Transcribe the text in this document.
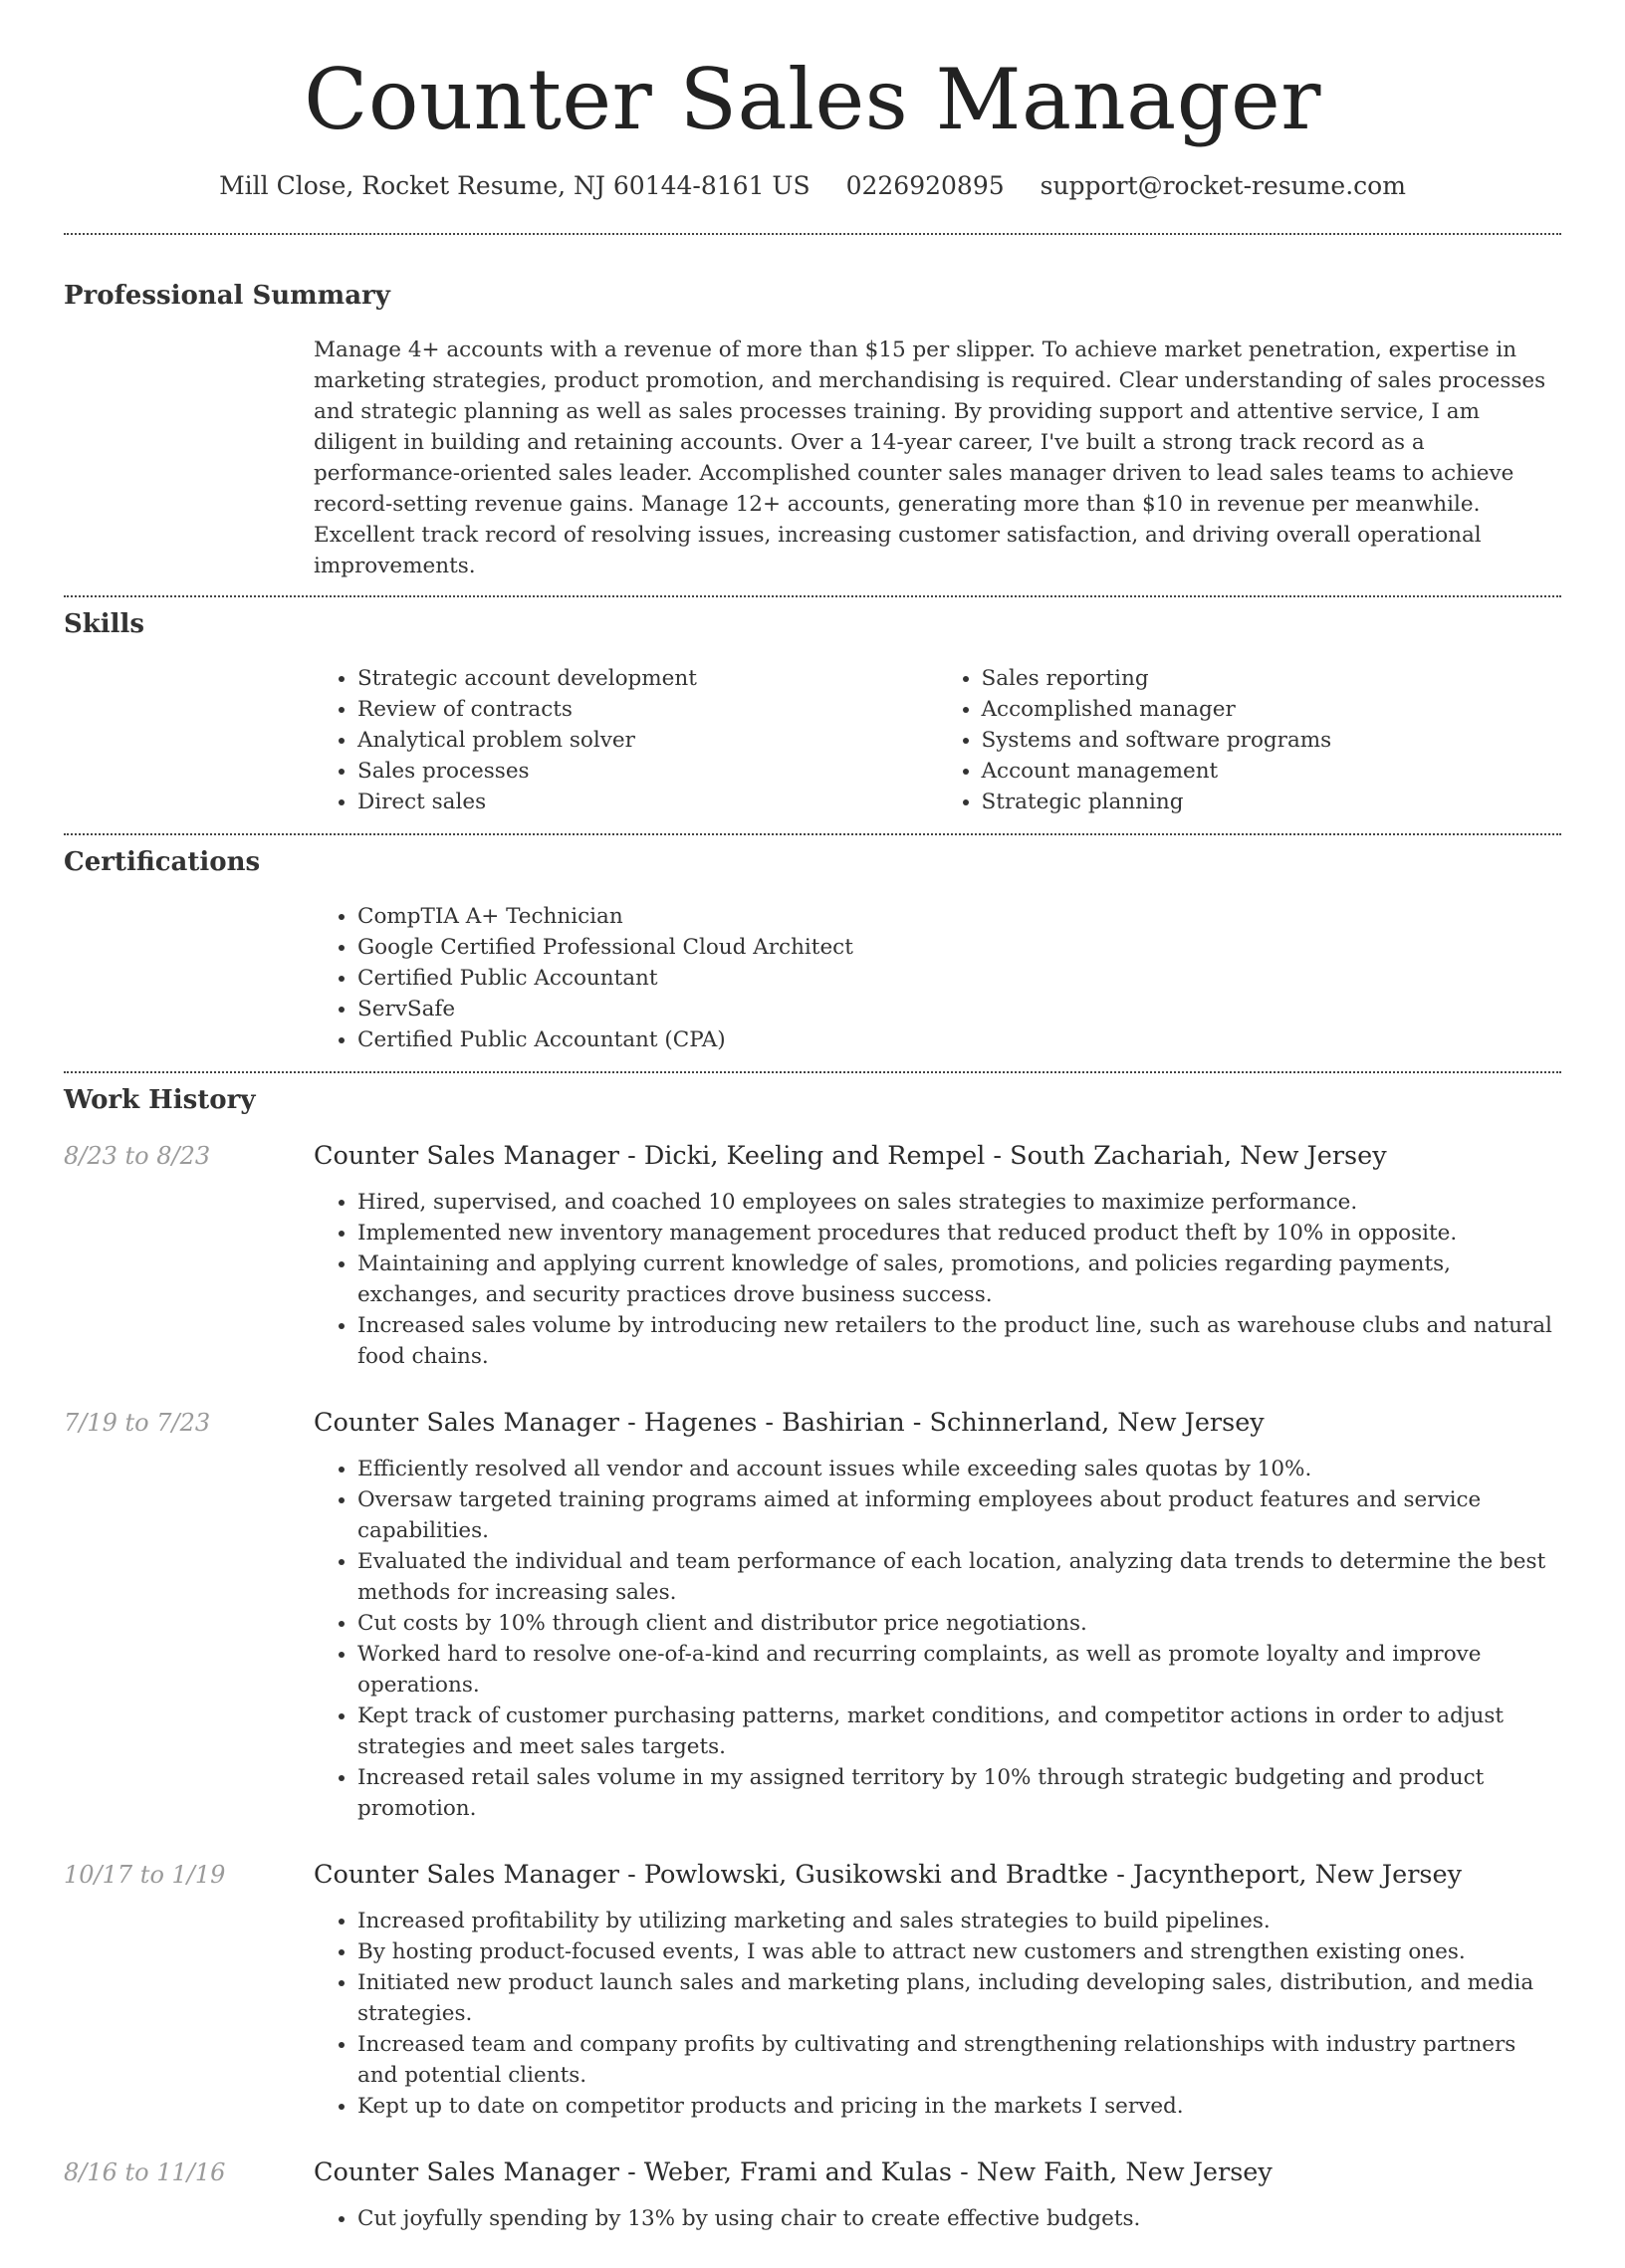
Counter Sales Manager
Mill Close, Rocket Resume, NJ 60144-8161 US 0226920895 support@rocket-resume.com
Professional Summary

Manage 4+ accounts with a revenue of more than $15 per slipper. To achieve market penetration, expertise in marketing strategies, product promotion, and merchandising is required. Clear understanding of sales processes and strategic planning as well as sales processes training. By providing support and attentive service, I am diligent in building and retaining accounts. Over a 14-year career, I've built a strong track record as a performance-oriented sales leader. Accomplished counter sales manager driven to lead sales teams to achieve record-setting revenue gains. Manage 12+ accounts, generating more than $10 in revenue per meanwhile. Excellent track record of resolving issues, increasing customer satisfaction, and driving overall operational improvements.

Skills
• Strategic account development
• Review of contracts
• Analytical problem solver
• Sales processes
• Direct sales
• Sales reporting
• Accomplished manager
• Systems and software programs
• Account management
• Strategic planning
Certifications
• CompTIA A+ Technician
• Google Certified Professional Cloud Architect
• Certified Public Accountant
• ServSafe
• Certified Public Accountant (CPA)
Work History
8/23 to 8/23	Counter Sales Manager - Dicki, Keeling and Rempel - South Zachariah, New Jersey
• Hired, supervised, and coached 10 employees on sales strategies to maximize performance.
• Implemented new inventory management procedures that reduced product theft by 10% in opposite.
• Maintaining and applying current knowledge of sales, promotions, and policies regarding payments, exchanges, and security practices drove business success.
• Increased sales volume by introducing new retailers to the product line, such as warehouse clubs and natural food chains.
7/19 to 7/23	Counter Sales Manager - Hagenes - Bashirian - Schinnerland, New Jersey
• Efficiently resolved all vendor and account issues while exceeding sales quotas by 10%.
• Oversaw targeted training programs aimed at informing employees about product features and service capabilities.
• Evaluated the individual and team performance of each location, analyzing data trends to determine the best methods for increasing sales.
• Cut costs by 10% through client and distributor price negotiations.
• Worked hard to resolve one-of-a-kind and recurring complaints, as well as promote loyalty and improve operations.
• Kept track of customer purchasing patterns, market conditions, and competitor actions in order to adjust strategies and meet sales targets.
• Increased retail sales volume in my assigned territory by 10% through strategic budgeting and product promotion.
10/17 to 1/19	Counter Sales Manager - Powlowski, Gusikowski and Bradtke - Jacyntheport, New Jersey
• Increased profitability by utilizing marketing and sales strategies to build pipelines.
• By hosting product-focused events, I was able to attract new customers and strengthen existing ones.
• Initiated new product launch sales and marketing plans, including developing sales, distribution, and media strategies.
• Increased team and company profits by cultivating and strengthening relationships with industry partners and potential clients.
• Kept up to date on competitor products and pricing in the markets I served.
8/16 to 11/16	Counter Sales Manager - Weber, Frami and Kulas - New Faith, New Jersey
• Cut joyfully spending by 13% by using chair to create effective budgets.
